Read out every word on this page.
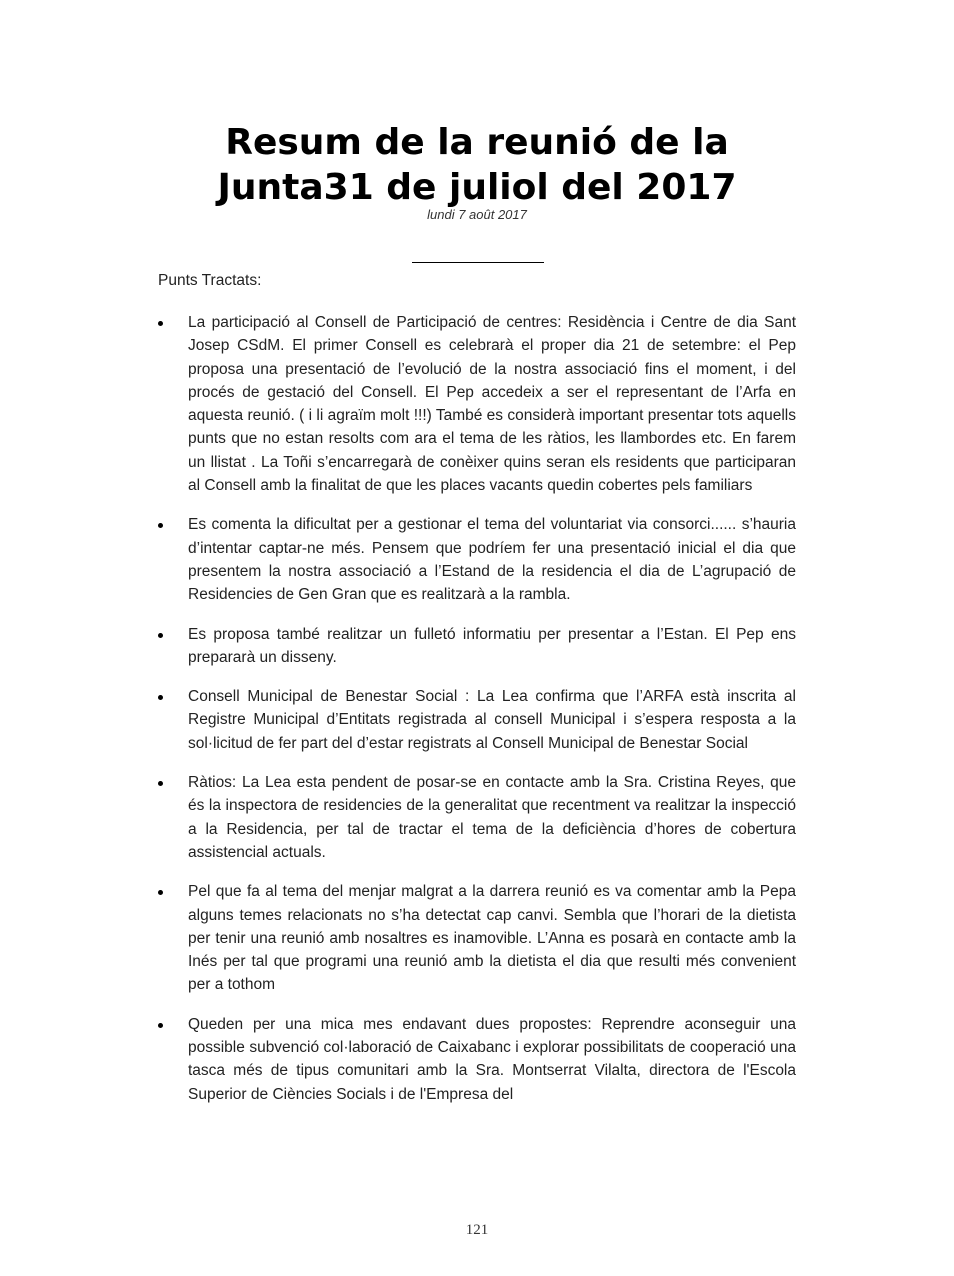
Resum de la reunió de la
Junta31 de juliol del 2017
lundi 7 août 2017
Punts Tractats:
La participació al Consell de Participació de centres: Residència i Centre de dia Sant Josep CSdM. El primer Consell es celebrarà el proper dia 21 de setembre: el Pep proposa una presentació de l’evolució de la nostra associació fins el moment, i del procés de gestació del Consell. El Pep accedeix a ser el representant de l’Arfa en aquesta reunió. ( i li agraïm molt !!!) També es considerà important presentar tots aquells punts que no estan resolts com ara el tema de les ràtios, les llambordes etc. En farem un llistat . La Toñi s’encarregarà de conèixer quins seran els residents que participaran al Consell amb la finalitat de que les places vacants quedin cobertes pels familiars
Es comenta la dificultat per a gestionar el tema del voluntariat via consorci...... s’hauria d’intentar captar-ne més. Pensem que podríem fer una presentació inicial el dia que presentem la nostra associació a l’Estand de la residencia el dia de L’agrupació de Residencies de Gen Gran que es realitzarà a la rambla.
Es proposa també realitzar un fulletó informatiu per presentar a l’Estan. El Pep ens prepararà un disseny.
Consell Municipal de Benestar Social : La Lea confirma que l’ARFA està inscrita al Registre Municipal d’Entitats registrada al consell Municipal i s’espera resposta a la sol·licitud de fer part del d’estar registrats al Consell Municipal de Benestar Social
Ràtios: La Lea esta pendent de posar-se en contacte amb la Sra. Cristina Reyes, que és la inspectora de residencies de la generalitat que recentment va realitzar la inspecció a la Residencia, per tal de tractar el tema de la deficiència d’hores de cobertura assistencial actuals.
Pel que fa al tema del menjar malgrat a la darrera reunió es va comentar amb la Pepa alguns temes relacionats no s’ha detectat cap canvi. Sembla que l’horari de la dietista per tenir una reunió amb nosaltres es inamovible. L’Anna es posarà en contacte amb la Inés per tal que programi una reunió amb la dietista el dia que resulti més convenient per a tothom
Queden per una mica mes endavant dues propostes: Reprendre aconseguir una possible subvenció col·laboració de Caixabanc i explorar possibilitats de cooperació una tasca més de tipus comunitari amb la Sra. Montserrat Vilalta, directora de l'Escola Superior de Ciències Socials i de l'Empresa del
121
